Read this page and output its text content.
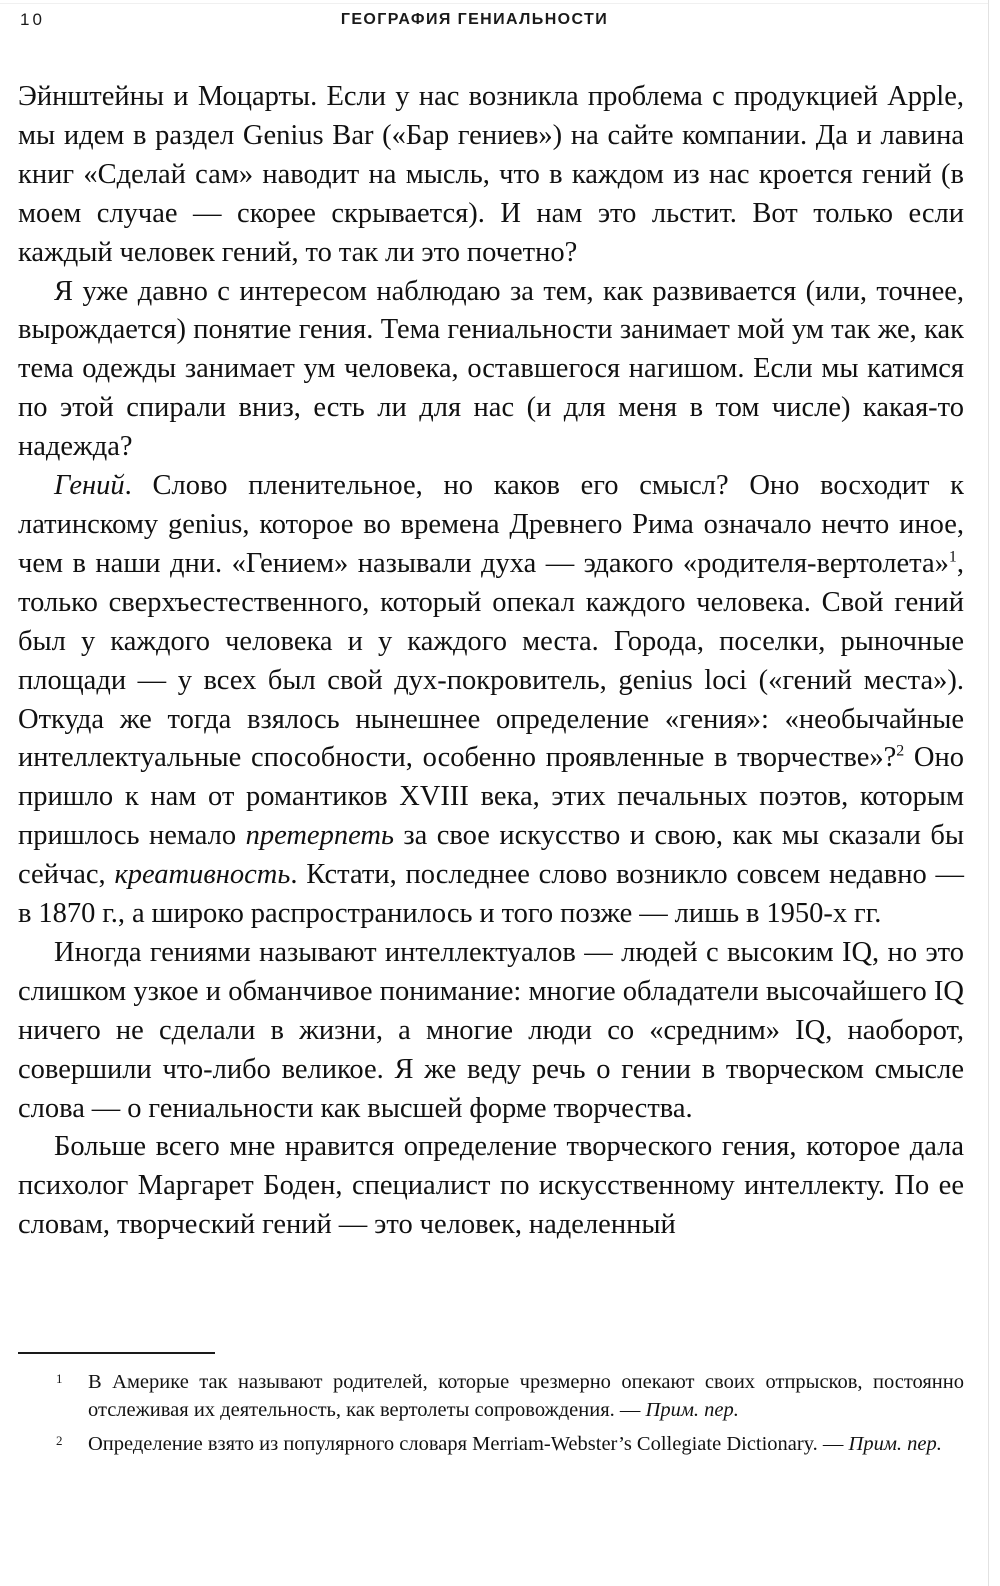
10	ГЕОГРАФИЯ ГЕНИАЛЬНОСТИ

Эйнштейны и Моцарты. Если у нас возникла проблема с продукцией Apple, мы идем в раздел Genius Bar («Бар гениев») на сайте компании. Да и лавина книг «Сделай сам» наводит на мысль, что в каждом из нас кроется гений (в моем случае — скорее скрывается). И нам это льстит. Вот только если каждый человек гений, то так ли это почетно?

Я уже давно с интересом наблюдаю за тем, как развивается (или, точнее, вырождается) понятие гения. Тема гениальности занимает мой ум так же, как тема одежды занимает ум человека, оставшегося нагишом. Если мы катимся по этой спирали вниз, есть ли для нас (и для меня в том числе) какая-то надежда?

Гений. Слово пленительное, но каков его смысл? Оно восходит к латинскому genius, которое во времена Древнего Рима означало нечто иное, чем в наши дни. «Гением» называли духа — эдакого «родителя-вертолета»$^1$, только сверхъестественного, который опекал каждого человека. Свой гений был у каждого человека и у каждого места. Города, поселки, рыночные площади — у всех был свой дух-покровитель, genius loci («гений места»). Откуда же тогда взялось нынешнее определение «гения»: «необычайные интеллектуальные способности, особенно проявленные в творчестве»?$^2$ Оно пришло к нам от романтиков XVIII века, этих печальных поэтов, которым пришлось немало претерпеть за свое искусство и свою, как мы сказали бы сейчас, креативность. Кстати, последнее слово возникло совсем недавно — в 1870 г., а широко распространилось и того позже — лишь в 1950-х гг.

Иногда гениями называют интеллектуалов — людей с высоким IQ, но это слишком узкое и обманчивое понимание: многие обладатели высочайшего IQ ничего не сделали в жизни, а многие люди со «средним» IQ, наоборот, совершили что-либо великое. Я же веду речь о гении в творческом смысле слова — о гениальности как высшей форме творчества.

Больше всего мне нравится определение творческого гения, которое дала психолог Маргарет Боден, специалист по искусственному интеллекту. По ее словам, творческий гений — это человек, наделенный

1 В Америке так называют родителей, которые чрезмерно опекают своих отпрысков, постоянно отслеживая их деятельность, как вертолеты сопровождения. — Прим. пер.
2 Определение взято из популярного словаря Merriam-Webster’s Collegiate Dictionary. — Прим. пер.
